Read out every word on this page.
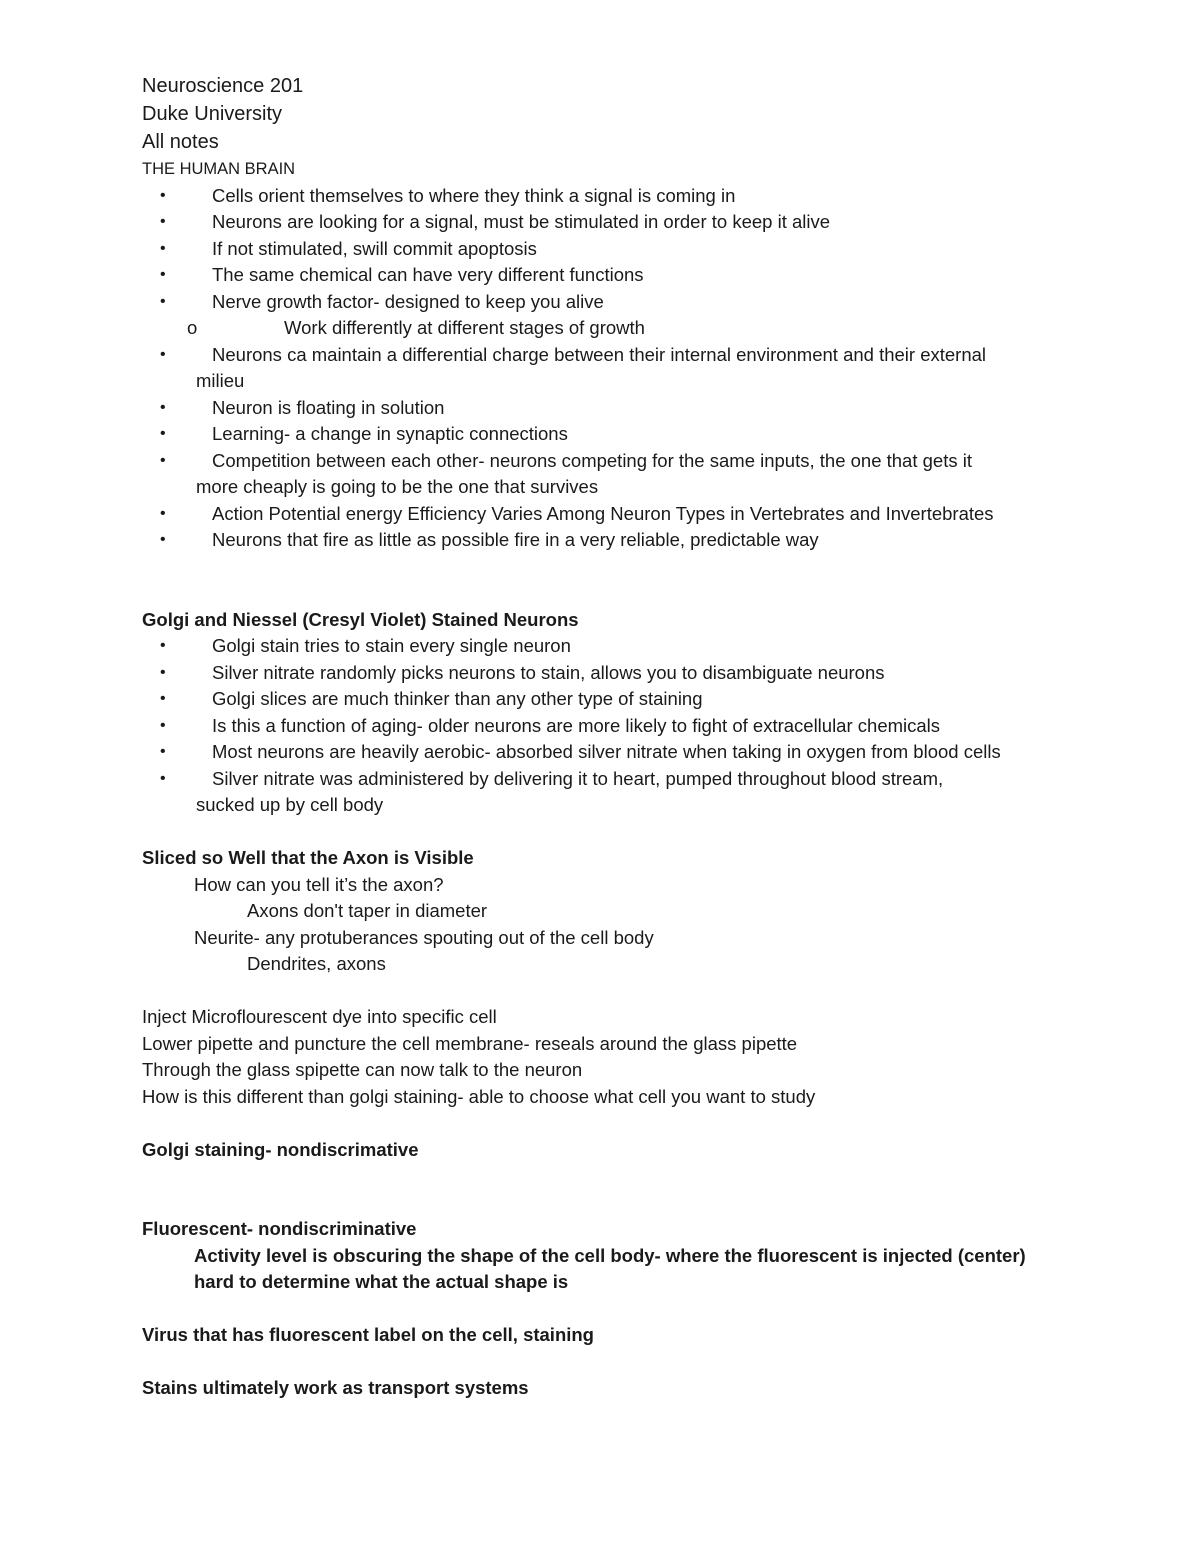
Neuroscience 201
Duke University
All notes
THE HUMAN BRAIN
•	Cells orient themselves to where they think a signal is coming in
•	Neurons are looking for a signal, must be stimulated in order to keep it alive
•	If not stimulated, swill commit apoptosis
•	The same chemical can have very different functions
•	Nerve growth factor- designed to keep you alive
o	Work differently at different stages of growth
•	Neurons ca maintain a differential charge between their internal environment and their external
milieu
•	Neuron is floating in solution
•	Learning- a change in synaptic connections
•	Competition between each other- neurons competing for the same inputs, the one that gets it
more cheaply is going to be the one that survives
•	Action Potential energy Efficiency Varies Among Neuron Types in Vertebrates and Invertebrates
•	Neurons that fire as little as possible fire in a very reliable, predictable way
Golgi and Niessel (Cresyl Violet) Stained Neurons
•	Golgi stain tries to stain every single neuron
•	Silver nitrate randomly picks neurons to stain, allows you to disambiguate neurons
•	Golgi slices are much thinker than any other type of staining
•	Is this a function of aging- older neurons are more likely to fight of extracellular chemicals
•	Most neurons are heavily aerobic- absorbed silver nitrate when taking in oxygen from blood cells
•	Silver nitrate was administered by delivering it to heart, pumped throughout blood stream,
sucked up by cell body
Sliced so Well that the Axon is Visible
How can you tell it’s the axon?
Axons don't taper in diameter
Neurite- any protuberances spouting out of the cell body
Dendrites, axons
Inject Microflourescent dye into specific cell
Lower pipette and puncture the cell membrane- reseals around the glass pipette
Through the glass spipette can now talk to the neuron
How is this different than golgi staining- able to choose what cell you want to study
Golgi staining- nondiscrimative
Fluorescent- nondiscriminative
Activity level is obscuring the shape of the cell body- where the fluorescent is injected (center)
hard to determine what the actual shape is
Virus that has fluorescent label on the cell, staining
Stains ultimately work as transport systems
